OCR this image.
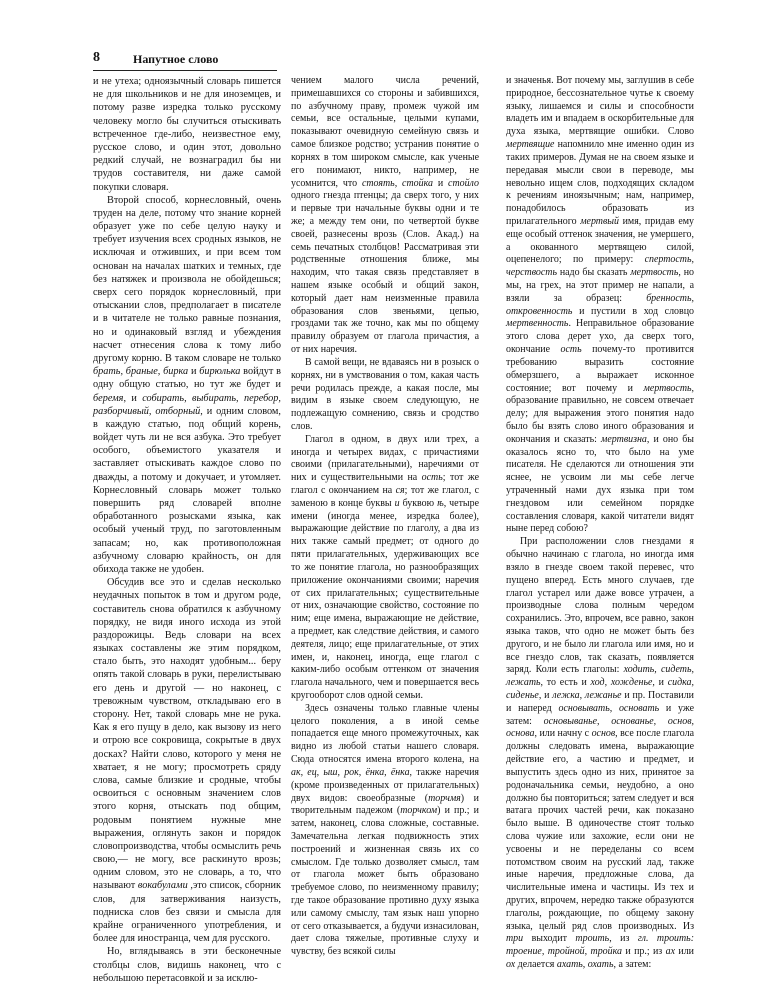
8	Напутное слово

и не утеха; одноязычный словарь пишется не для школьников и не для иноземцев, и потому разве изредка только русскому человеку могло бы случиться отыскивать встреченное где-либо, неизвестное ему, русское слово, и один этот, довольно редкий случай, не вознаградил бы ни трудов составителя, ни даже самой покупки словаря.

Второй способ, корнесловный, очень труден на деле, потому что знание корней образует уже по себе целую науку и требует изучения всех сродных языков, не исключая и отживших, и при всем том основан на началах шатких и темных, где без натяжек и произвола не обойдешься; сверх сего порядок корнесловный, при отыскании слов, предполагает в писателе и в читателе не только равные познания, но и одинаковый взгляд и убеждения насчет отнесения слова к тому либо другому корню. В таком словаре не только брать, браные, бирка и бирюлька войдут в одну общую статью, но тут же будет и беремя, и собирать, выбирать, перебор, разборчивый, отборный, и одним словом, в каждую статью, под общий корень, войдет чуть ли не вся азбука. Это требует особого, объемистого указателя и заставляет отыскивать каждое слово по дважды, а потому и докучает, и утомляет. Корнесловный словарь может только повершить ряд словарей вполне обработанного розысками языка, как особый ученый труд, по заготовленным запасам; но, как противоположная азбучному словарю крайность, он для обиходa также не удобен.

Обсудив все это и сделав несколько неудачных попыток в том и другом роде, составитель снова обратился к азбучному порядку, не видя иного исхода из этой раздорожицы. Ведь словари на всех языках составлены же этим порядком, стало быть, это находят удобным... беру опять такой словарь в руки, перелистываю его день и другой — но наконец, с тревожным чувством, откладываю его в сторону. Нет, такой словарь мне не рука. Как я его пущу в дело, как вызову из него и отрою все сокровища, сокрытые в двух досках? Найти слово, которого у меня не хватает, я не могу; просмотреть сряду слова, самые близкие и сродные, чтобы освоиться с основным значением слов этого корня, отыскать под общим, родовым понятием нужные мне выражения, оглянуть закон и порядок словопроизводства, чтобы осмыслить речь свою,— не могу, все раскинуто врозь; одним словом, это не словарь, а то, что называют вокабулами ,это список, сборник слов, для затверживания наизусть, подниска слов без связи и смысла для крайне ограниченного употребления, и более для иностранца, чем для русского.

Но, вглядываясь в эти бесконечные столбцы слов, видишь наконец, что с небольшою перетасовкой и за исклю-

чением малого числа речений, примешавшихся со стороны и забившихся, по азбучному праву, промеж чужой им семьи, все остальные, целыми купами, показывают очевидную семейную связь и самое близкое родство; устранив понятие о корнях в том широком смысле, как ученые его понимают, никто, например, не усомнится, что стоять, стойка и стойло одного гнезда птенцы; да сверх того, у них и первые три начальные буквы одни и те же; а между тем они, по четвертой букве своей, разнесены врозь (Слов. Акад.) на семь печатных столбцов! Рассматривая эти родственные отношения ближе, мы находим, что такая связь представляет в нашем языке особый и общий закон, который дает нам неизменные правила образования слов звеньями, цепью, гроздами так же точно, как мы по общему правилу образуем от глагола причастия, а от них наречия.

В самой вещи, не вдаваясь ни в розыск о корнях, ни в умствования о том, какая часть речи родилась прежде, а какая после, мы видим в языке своем следующую, не подлежащую сомнению, связь и сродство слов.

Глагол в одном, в двух или трех, а иногда и четырех видах, с причастиями своими (прилагательными), наречиями от них и существительными на ость; тот же глагол с окончанием на ся; тот же глагол, с заменою в конце буквы и буквою ѣ, четыре имени (иногда менее, изредка более), выражающие действие по глаголу, а два из них также самый предмет; от одного до пяти прилагательных, удерживающих все то же понятие глагола, но разнообразящих приложение окончаниями своими; наречия от сих прилагательных; существительные от них, означающие свойство, состояние по ним; еще имена, выражающие не действие, а предмет, как следствие действия, и самого деятеля, лицо; еще прилагательные, от этих имен, и, наконец, иногда, еще глагол с каким-либо особым оттенком от значения глагола начального, чем и повершается весь кругооборот слов одной семьи.

Здесь означены только главные члены целого поколения, а в иной семье попадается еще много промежуточных, как видно из любой статьи нашего словаря. Сюда относятся имена второго колена, на ак, ец, ыш, рок, ёнка, ёнка, также наречия (кроме произведенных от прилагательных) двух видов: своеобразные (торчмя) и творительным падежом (торчком) и пр.; и затем, наконец, слова сложные, составные. Замечательна легкая подвижность этих построений и жизненная связь их со смыслом. Где только дозволяет смысл, там от глагола может быть образовано требуемое слово, по неизменному правилу; где такое образование противно духу языка или самому смыслу, там язык наш упорно от сего отказывается, а будучи изнасилован, дает слова тяжелые, противные слуху и чувству, без всякой силы

и значенья. Вот почему мы, заглушив в себе природное, бессознательное чутье к своему языку, лишаемся и силы и способности владеть им и впадаем в оскорбительные для духа языка, мертвящие ошибки. Слово мертвящие напомнило мне именно один из таких примеров. Думая не на своем языке и передавая мысли свои в переводе, мы невольно ищем слов, подходящих складом к речениям иноязычным; нам, например, понадобилось образовать из прилагательного мертвый имя, придав ему еще особый оттенок значения, не умершего, а окованного мертвящею силой, оцепенелого; по примеру: спертость, черствость надо бы сказать мертвость, но мы, на грех, на этот пример не напали, а взяли за образец: бренность, откровенность и пустили в ход словцо мертвенность. Неправильное образование этого слова дерет ухо, да сверх того, окончание ость почему-то противится требованию выразить состояние обмерзшего, а выражает исконное состояние; вот почему и мертвость, образование правильно, не совсем отвечает делу; для выражения этого понятия надо было бы взять слово иного образования и окончания и сказать: мертвизна, и оно бы оказалось ясно то, что было на уме писателя. Не сделаются ли отношения эти яснее, не усвоим ли мы себе легче утраченный нами дух языка при том гнездовом или семейном порядке составления словаря, какой читатели видят ныне перед собою?

При расположении слов гнездами я обычно начинаю с глагола, но иногда имя взяло в гнезде своем такой перевес, что пущено вперед. Есть много случаев, где глагол устарел или даже вовсе утрачен, а производные слова полным чередом сохранились. Это, впрочем, все равно, закон языка таков, что одно не может быть без другого, и не было ли глагола или имя, но и все гнездо слов, так сказать, появляется заряд. Коли есть глаголы: ходить, сидеть, лежать, то есть и ход, хожденье, и сидка, сиденье, и лежка, лежанье и пр. Поставили и наперед основывать, основать и уже затем: основываньe, основанье, основ, основа, или начну с основ, все после глагола должны следовать имена, выражающие действие его, а частию и предмет, и выпустить здесь одно из них, принятое за родоначальника семьи, неудобно, а оно должно бы повториться; затем следует и вся ватага прочих частей речи, как показано было выше. В одиночестве стоят только слова чужие или захожие, если они не усвоены и не переделаны со всем потомством своим на русский лад, также иные наречия, предложные слова, да числительные имена и частицы. Из тех и других, впрочем, нередко также образуются глаголы, рождающие, по общему закону языка, целый ряд слов производных. Из три выходит троить, из гл. троить: троение, тройной, тройка и пр.; из ах или ох делается ахать, охать, а затем:
